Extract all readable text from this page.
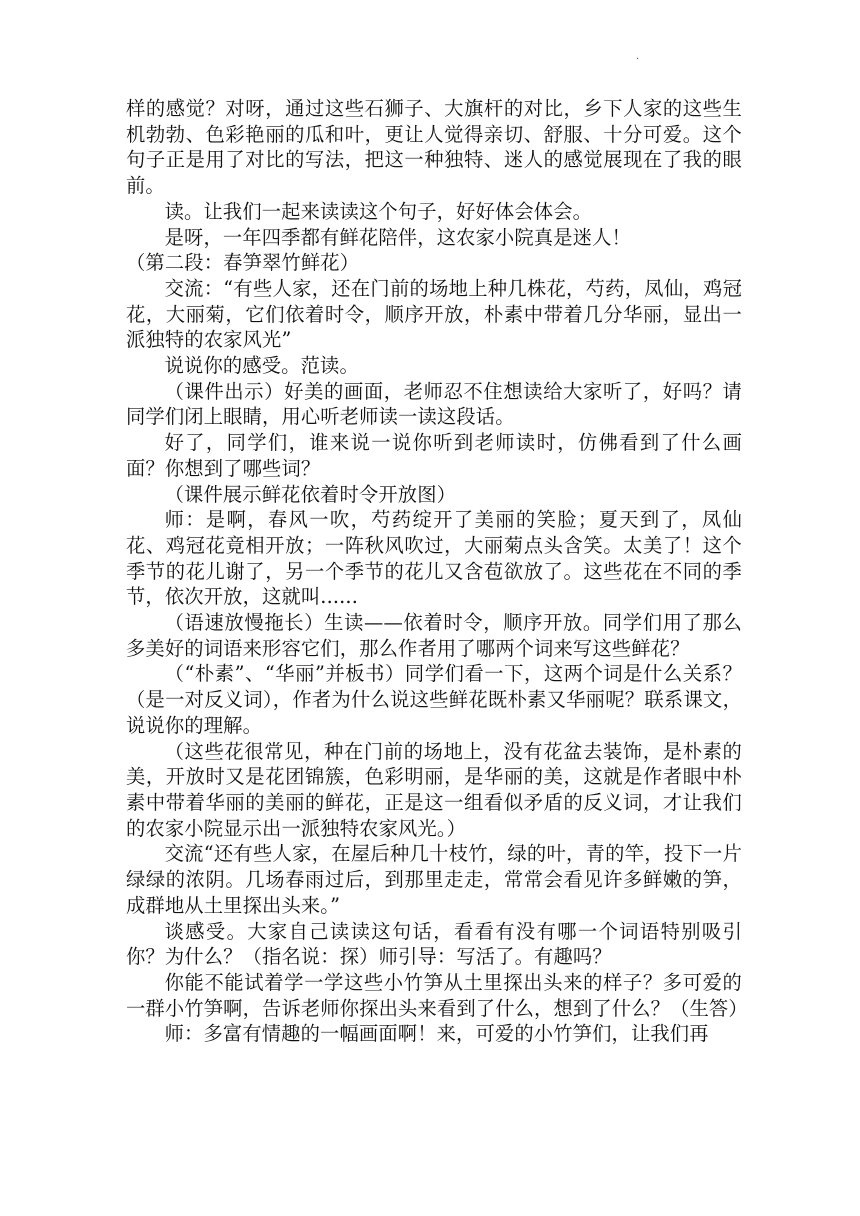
.

样的感觉？对呀，通过这些石狮子、大旗杆的对比，乡下人家的这些生机勃勃、色彩艳丽的瓜和叶，更让人觉得亲切、舒服、十分可爱。这个句子正是用了对比的写法，把这一种独特、迷人的感觉展现在了我的眼前。

读。让我们一起来读读这个句子，好好体会体会。

是呀，一年四季都有鲜花陪伴，这农家小院真是迷人！

（第二段：春笋翠竹鲜花）

交流：“有些人家，还在门前的场地上种几株花，芍药，凤仙，鸡冠花，大丽菊，它们依着时令，顺序开放，朴素中带着几分华丽，显出一派独特的农家风光”

说说你的感受。范读。

（课件出示）好美的画面，老师忍不住想读给大家听了，好吗？请同学们闭上眼睛，用心听老师读一读这段话。

好了，同学们，谁来说一说你听到老师读时，仿佛看到了什么画面？你想到了哪些词？

（课件展示鲜花依着时令开放图）

师：是啊，春风一吹，芍药绽开了美丽的笑脸；夏天到了，凤仙花、鸡冠花竟相开放；一阵秋风吹过，大丽菊点头含笑。太美了！这个季节的花儿谢了，另一个季节的花儿又含苞欲放了。这些花在不同的季节，依次开放，这就叫......

（语速放慢拖长）生读——依着时令，顺序开放。同学们用了那么多美好的词语来形容它们，那么作者用了哪两个词来写这些鲜花？

（“朴素”、“华丽”并板书）同学们看一下，这两个词是什么关系？（是一对反义词），作者为什么说这些鲜花既朴素又华丽呢？联系课文，说说你的理解。

（这些花很常见，种在门前的场地上，没有花盆去装饰，是朴素的美，开放时又是花团锦簇，色彩明丽，是华丽的美，这就是作者眼中朴素中带着华丽的美丽的鲜花，正是这一组看似矛盾的反义词，才让我们的农家小院显示出一派独特农家风光。）

交流“还有些人家，在屋后种几十枝竹，绿的叶，青的竿，投下一片绿绿的浓阴。几场春雨过后，到那里走走，常常会看见许多鲜嫩的笋，成群地从土里探出头来。”

谈感受。大家自己读读这句话，看看有没有哪一个词语特别吸引你？为什么？（指名说：探）师引导：写活了。有趣吗？

你能不能试着学一学这些小竹笋从土里探出头来的样子？多可爱的一群小竹笋啊，告诉老师你探出头来看到了什么，想到了什么？（生答）

师：多富有情趣的一幅画面啊！来，可爱的小竹笋们，让我们再
